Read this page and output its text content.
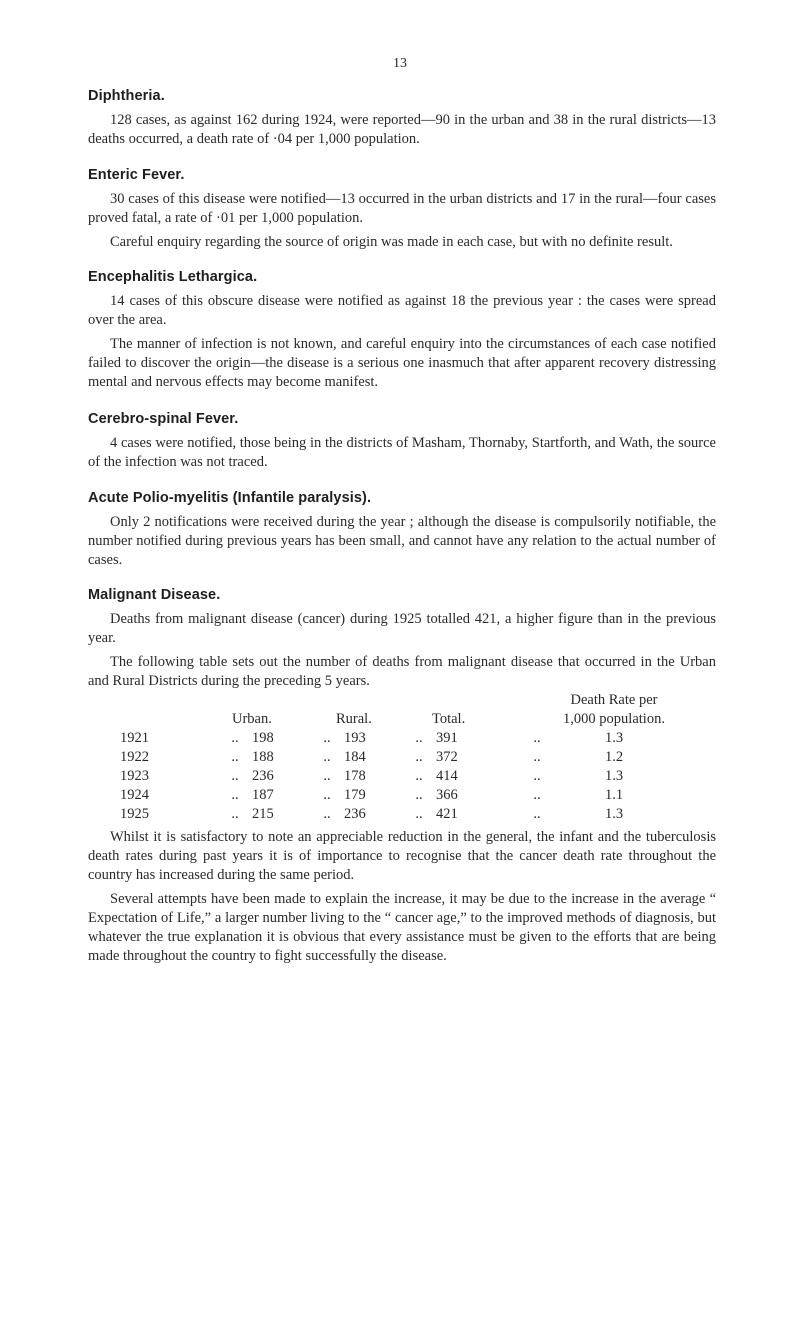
13
Diphtheria.

128 cases, as against 162 during 1924, were reported—90 in the urban and 38 in the rural districts—13 deaths occurred, a death rate of ·04 per 1,000 population.

Enteric Fever.

30 cases of this disease were notified—13 occurred in the urban districts and 17 in the rural—four cases proved fatal, a rate of ·01 per 1,000 population.

Careful enquiry regarding the source of origin was made in each case, but with no definite result.

Encephalitis Lethargica.

14 cases of this obscure disease were notified as against 18 the previous year : the cases were spread over the area.

The manner of infection is not known, and careful enquiry into the circumstances of each case notified failed to discover the origin—the disease is a serious one inasmuch that after apparent recovery distressing mental and nervous effects may become manifest.

Cerebro-spinal Fever.

4 cases were notified, those being in the districts of Masham, Thornaby, Startforth, and Wath, the source of the infection was not traced.

Acute Polio-myelitis (Infantile paralysis).

Only 2 notifications were received during the year ; although the disease is compulsorily notifiable, the number notified during previous years has been small, and cannot have any relation to the actual number of cases.

Malignant Disease.

Deaths from malignant disease (cancer) during 1925 totalled 421, a higher figure than in the previous year.

The following table sets out the number of deaths from malignant disease that occurred in the Urban and Rural Districts during the preceding 5 years.

								Death Rate per
		Urban.		Rural.		Total.		1,000 population.
1921	..	198	..	193	..	391	..	1.3
1922	..	188	..	184	..	372	..	1.2
1923	..	236	..	178	..	414	..	1.3
1924	..	187	..	179	..	366	..	1.1
1925	..	215	..	236	..	421	..	1.3

Whilst it is satisfactory to note an appreciable reduction in the general, the infant and the tuberculosis death rates during past years it is of importance to recognise that the cancer death rate throughout the country has increased during the same period.

Several attempts have been made to explain the increase, it may be due to the increase in the average “ Expectation of Life,” a larger number living to the “ cancer age,” to the improved methods of diagnosis, but whatever the true explanation it is obvious that every assistance must be given to the efforts that are being made throughout the country to fight successfully the disease.
